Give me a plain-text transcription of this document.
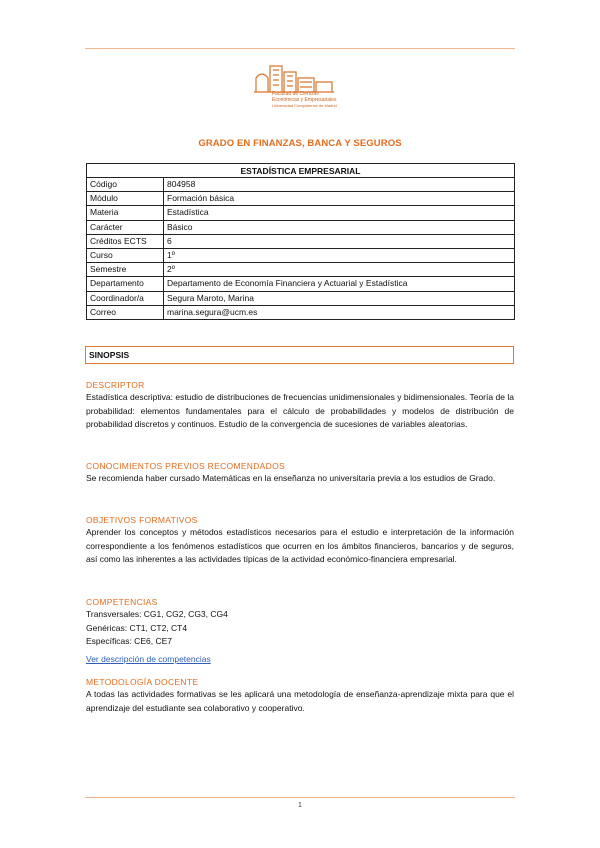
Facultad de Ciencias
Económicas y Empresariales
Universidad Complutense de Madrid
GRADO EN FINANZAS, BANCA Y SEGUROS
ESTADÍSTICA EMPRESARIAL	
Código	804958
Módulo	Formación básica
Materia	Estadística
Carácter	Básico
Créditos ECTS	6
Curso	1º
Semestre	2º
Departamento	Departamento de Economía Financiera y Actuarial y Estadística
Coordinador/a	Segura Maroto, Marina
Correo	marina.segura@ucm.es
SINOPSIS
DESCRIPTOR

Estadística descriptiva: estudio de distribuciones de frecuencias unidimensionales y bidimensionales. Teoría de la probabilidad: elementos fundamentales para el cálculo de probabilidades y modelos de distribución de probabilidad discretos y continuos. Estudio de la convergencia de sucesiones de variables aleatorias.

CONOCIMIENTOS PREVIOS RECOMENDADOS

Se recomienda haber cursado Matemáticas en la enseñanza no universitaria previa a los estudios de Grado.

OBJETIVOS FORMATIVOS

Aprender los conceptos y métodos estadísticos necesarios para el estudio e interpretación de la información correspondiente a los fenómenos estadísticos que ocurren en los ámbitos financieros, bancarios y de seguros, así como las inherentes a las actividades típicas de la actividad económico-financiera empresarial.

COMPETENCIAS
Transversales: CG1, CG2, CG3, CG4
Genéricas: CT1, CT2, CT4
Específicas: CE6, CE7
Ver descripción de competencias
METODOLOGÍA DOCENTE

A todas las actividades formativas se les aplicará una metodología de enseñanza-aprendizaje mixta para que el aprendizaje del estudiante sea colaborativo y cooperativo.

1
